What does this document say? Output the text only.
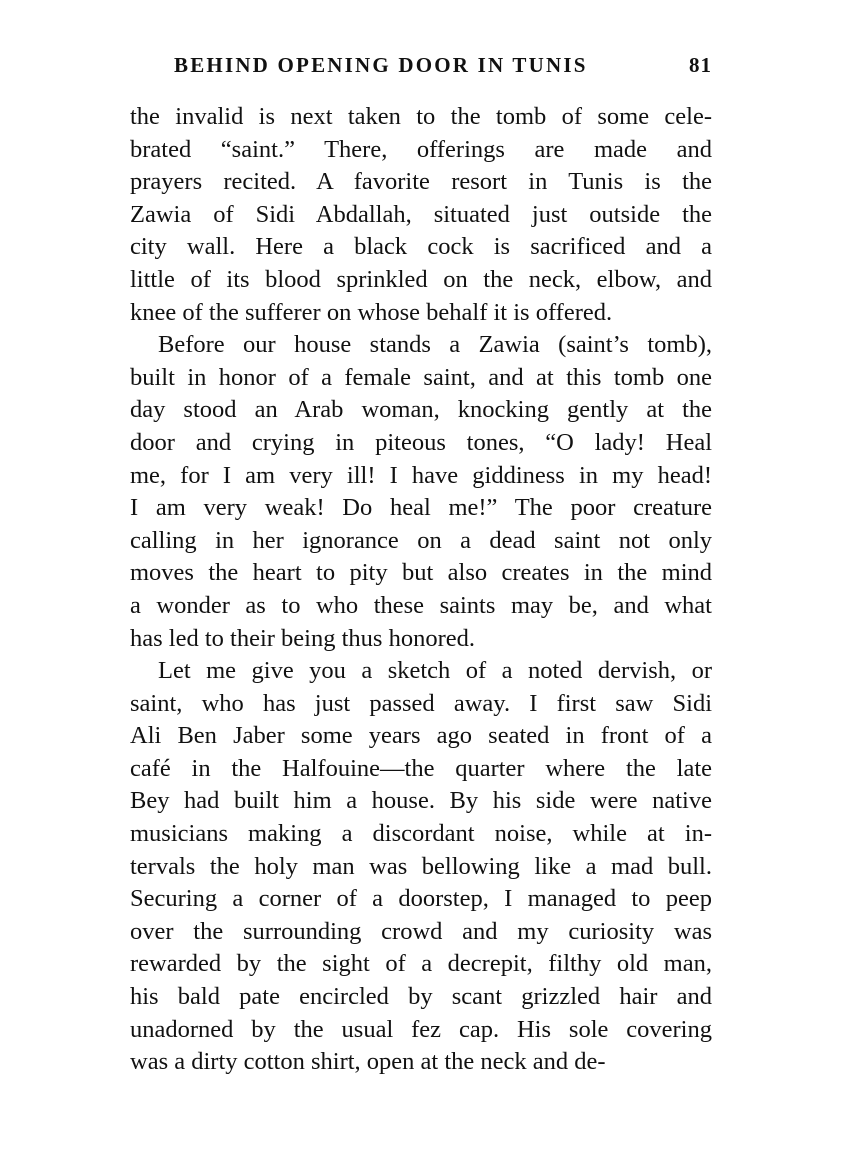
BEHIND OPENING DOOR IN TUNIS	81
the invalid is next taken to the tomb of some cele-
brated “saint.” There, offerings are made and
prayers recited. A favorite resort in Tunis is the
Zawia of Sidi Abdallah, situated just outside the
city wall. Here a black cock is sacrificed and a
little of its blood sprinkled on the neck, elbow, and
knee of the sufferer on whose behalf it is offered.
Before our house stands a Zawia (saint’s tomb),
built in honor of a female saint, and at this tomb one
day stood an Arab woman, knocking gently at the
door and crying in piteous tones, “O lady! Heal
me, for I am very ill! I have giddiness in my head!
I am very weak! Do heal me!” The poor creature
calling in her ignorance on a dead saint not only
moves the heart to pity but also creates in the mind
a wonder as to who these saints may be, and what
has led to their being thus honored.
Let me give you a sketch of a noted dervish, or
saint, who has just passed away. I first saw Sidi
Ali Ben Jaber some years ago seated in front of a
café in the Halfouine—the quarter where the late
Bey had built him a house. By his side were native
musicians making a discordant noise, while at in-
tervals the holy man was bellowing like a mad bull.
Securing a corner of a doorstep, I managed to peep
over the surrounding crowd and my curiosity was
rewarded by the sight of a decrepit, filthy old man,
his bald pate encircled by scant grizzled hair and
unadorned by the usual fez cap. His sole covering
was a dirty cotton shirt, open at the neck and de-
